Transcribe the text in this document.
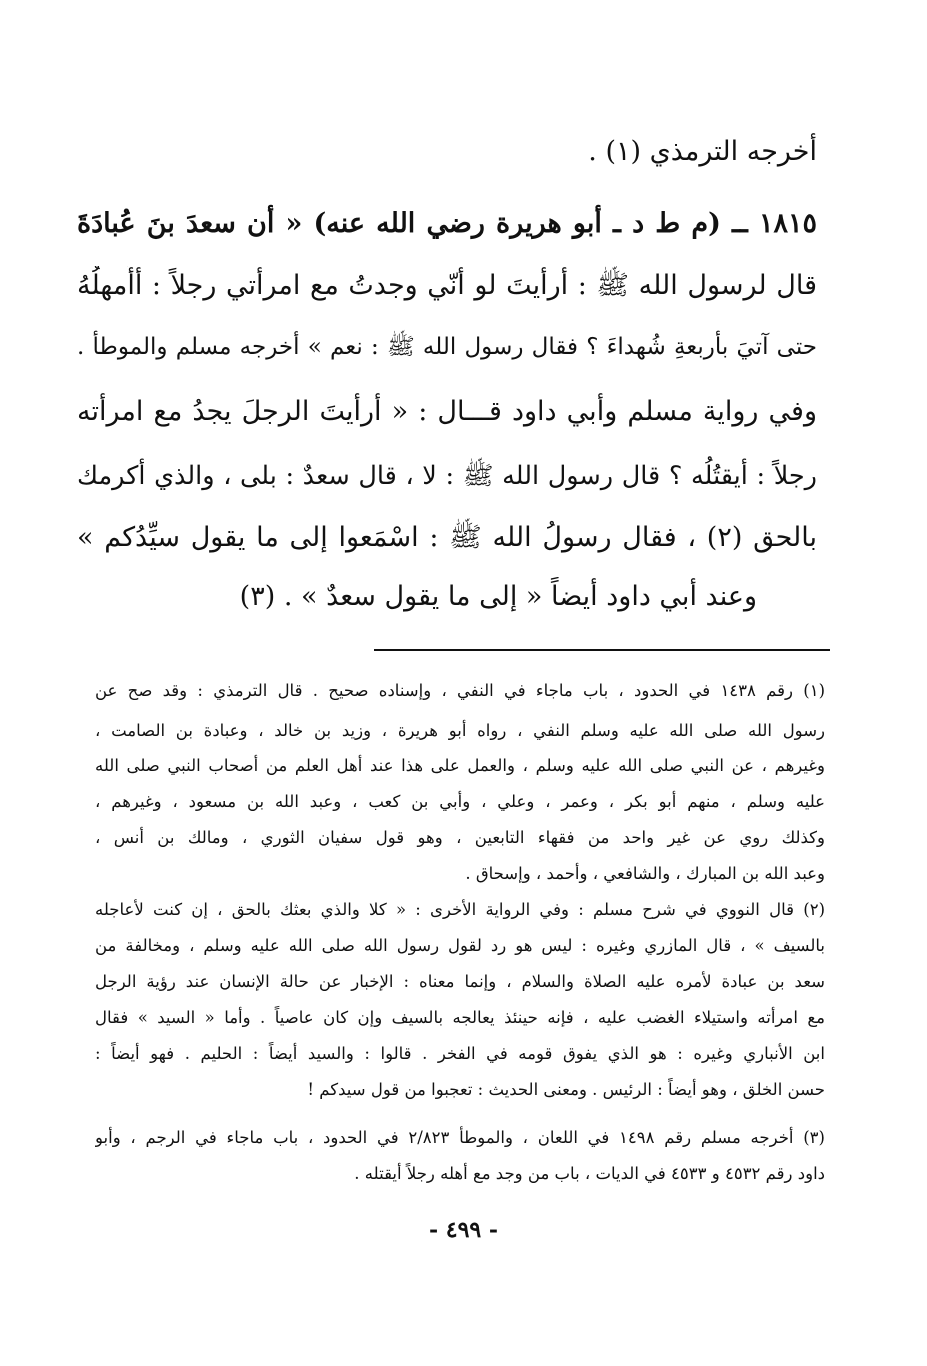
أخرجه الترمذي (١) .
١٨١٥ ــ (م ط د ـ أبو هريرة رضي الله عنه) « أن سعدَ بنَ عُبادَةَ
قال لرسول الله ﷺ : أرأيتَ لو أنّي وجدتُ مع امرأتي رجلاً : أأُمهلُهُ
حتى آتيَ بأربعةِ شُهداءَ ؟ فقال رسول الله ﷺ : نعم » أخرجه مسلم والموطأ .
وفي رواية مسلم وأبي داود قـــال : « أرأيتَ الرجلَ يجدُ مع امرأته
رجلاً : أيقتُلُه ؟ قال رسول الله ﷺ : لا ، قال سعدٌ : بلى ، والذي أكرمك
بالحق (٢) ، فقال رسولُ الله ﷺ : اسْمَعوا إلى ما يقول سيِّدُكم »
وعند أبي داود أيضاً « إلى ما يقول سعدٌ » . (٣)
(١) رقم ١٤٣٨ في الحدود ، باب ماجاء في النفي ، وإسناده صحيح . قال الترمذي : وقد صح عن
رسول الله صلى الله عليه وسلم النفي ، رواه أبو هريرة ، وزيد بن خالد ، وعبادة بن الصامت ،
وغيرهم ، عن النبي صلى الله عليه وسلم ، والعمل على هذا عند أهل العلم من أصحاب النبي صلى الله
عليه وسلم ، منهم أبو بكر ، وعمر ، وعلي ، وأبي بن كعب ، وعبد الله بن مسعود ، وغيرهم ،
وكذلك روي عن غير واحد من فقهاء التابعين ، وهو قول سفيان الثوري ، ومالك بن أنس ،
وعبد الله بن المبارك ، والشافعي ، وأحمد ، وإسحاق .
(٢) قال النووي في شرح مسلم : وفي الرواية الأخرى : « كلا والذي بعثك بالحق ، إن كنت لأعاجله
بالسيف » ، قال المازري وغيره : ليس هو رد لقول رسول الله صلى الله عليه وسلم ، ومخالفة من
سعد بن عبادة لأمره عليه الصلاة والسلام ، وإنما معناه : الإخبار عن حالة الإنسان عند رؤية الرجل
مع امرأته واستيلاء الغضب عليه ، فإنه حينئذ يعالجه بالسيف وإن كان عاصياً . وأما « السيد » فقال
ابن الأنباري وغيره : هو الذي يفوق قومه في الفخر . قالوا : والسيد أيضاً : الحليم . فهو أيضاً :
حسن الخلق ، وهو أيضاً : الرئيس . ومعنى الحديث : تعجبوا من قول سيدكم !
(٣) أخرجه مسلم رقم ١٤٩٨ في اللعان ، والموطأ ٢/٨٢٣ في الحدود ، باب ماجاء في الرجم ، وأبو
داود رقم ٤٥٣٢ و ٤٥٣٣ في الديات ، باب من وجد مع أهله رجلاً أيقتله .
- ٤٩٩ -
